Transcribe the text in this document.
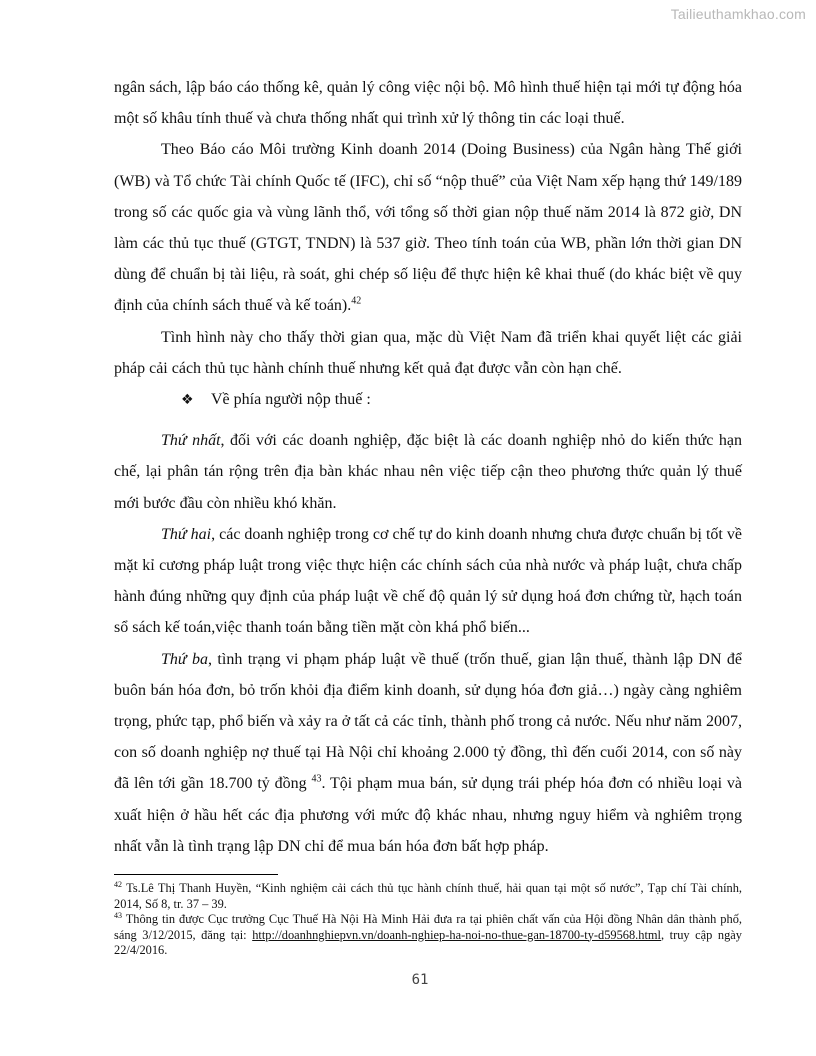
Tailieuthamkhao.com

ngân sách, lập báo cáo thống kê, quản lý công việc nội bộ. Mô hình thuế hiện tại mới tự động hóa một số khâu tính thuế và chưa thống nhất qui trình xử lý thông tin các loại thuế.

Theo Báo cáo Môi trường Kinh doanh 2014 (Doing Business) của Ngân hàng Thế giới (WB) và Tổ chức Tài chính Quốc tế (IFC), chỉ số “nộp thuế” của Việt Nam xếp hạng thứ 149/189 trong số các quốc gia và vùng lãnh thổ, với tổng số thời gian nộp thuế năm 2014 là 872 giờ, DN làm các thủ tục thuế (GTGT, TNDN) là 537 giờ. Theo tính toán của WB, phần lớn thời gian DN dùng để chuẩn bị tài liệu, rà soát, ghi chép số liệu để thực hiện kê khai thuế (do khác biệt về quy định của chính sách thuế và kế toán).$^{42}$

Tình hình này cho thấy thời gian qua, mặc dù Việt Nam đã triển khai quyết liệt các giải pháp cải cách thủ tục hành chính thuế nhưng kết quả đạt được vẫn còn hạn chế.

❖ Về phía người nộp thuế :

Thứ nhất, đối với các doanh nghiệp, đặc biệt là các doanh nghiệp nhỏ do kiến thức hạn chế, lại phân tán rộng trên địa bàn khác nhau nên việc tiếp cận theo phương thức quản lý thuế mới bước đầu còn nhiều khó khăn.

Thứ hai, các doanh nghiệp trong cơ chế tự do kinh doanh nhưng chưa được chuẩn bị tốt về mặt kỉ cương pháp luật trong việc thực hiện các chính sách của nhà nước và pháp luật, chưa chấp hành đúng những quy định của pháp luật về chế độ quản lý sử dụng hoá đơn chứng từ, hạch toán sổ sách kế toán,việc thanh toán bằng tiền mặt còn khá phổ biến...

Thứ ba, tình trạng vi phạm pháp luật về thuế (trốn thuế, gian lận thuế, thành lập DN để buôn bán hóa đơn, bỏ trốn khỏi địa điểm kinh doanh, sử dụng hóa đơn giả…) ngày càng nghiêm trọng, phức tạp, phổ biến và xảy ra ở tất cả các tỉnh, thành phố trong cả nước. Nếu như năm 2007, con số doanh nghiệp nợ thuế tại Hà Nội chỉ khoảng 2.000 tỷ đồng, thì đến cuối 2014, con số này đã lên tới gần 18.700 tỷ đồng $^{43}$. Tội phạm mua bán, sử dụng trái phép hóa đơn có nhiều loại và xuất hiện ở hầu hết các địa phương với mức độ khác nhau, nhưng nguy hiểm và nghiêm trọng nhất vẫn là tình trạng lập DN chỉ để mua bán hóa đơn bất hợp pháp.

$^{42}$ Ts.Lê Thị Thanh Huyền, “Kinh nghiệm cải cách thủ tục hành chính thuế, hải quan tại một số nước”, Tạp chí Tài chính, 2014, Số 8, tr. 37 – 39.

$^{43}$ Thông tin được Cục trưởng Cục Thuế Hà Nội Hà Minh Hải đưa ra tại phiên chất vấn của Hội đồng Nhân dân thành phố, sáng 3/12/2015, đăng tại: http://doanhnghiepvn.vn/doanh-nghiep-ha-noi-no-thue-gan-18700-ty-d59568.html, truy cập ngày 22/4/2016.

61
